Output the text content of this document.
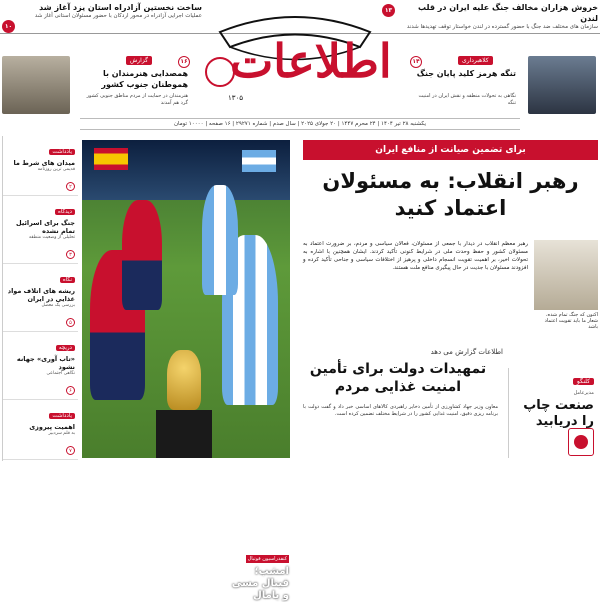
خروش هزاران مخالف جنگ علیه ایران در قلب لندن

سازمان های مختلف ضد جنگ با حضور گسترده در لندن خواستار توقف تهدیدها شدند

۱۳
ساخت نخستین آزادراه استان یزد آغاز شد

عملیات اجرایی آزادراه در محور اردکان با حضور مسئولان استانی آغاز شد

۱۰
اطلاعات
۱۳۰۵
کلاهبرداری
۱۴
تنگه هرمز کلید پایان جنگ
نگاهی به تحولات منطقه و نقش ایران در امنیت تنگه
گزارش	۱۶
همصدایی هنرمندان با هموطنان جنوب کشور
هنرمندان در حمایت از مردم مناطق جنوبی کشور گرد هم آمدند
یکشنبه ۲۸ تیر ۱۴۰۴ | ۲۴ محرم ۱۴۴۷ | ۲۰ جولای ۲۰۲۵ | سال صدم | شماره ۲۹۲۷۱ | ۱۶ صفحه | ۱۰۰۰۰ تومان
یادداشت
میدان های شرط ما
قدیمی ترین روزنامه
۲
دیدگاه
جنگ برای اسرائیل تمام نشده
تحلیلی از وضعیت منطقه
۳
نگاه
ریشه های اتلاف مواد غذایی در ایران
بررسی یک معضل
۵
دریچه
«تاب آوری» جهانه نشود
نگاهی اجتماعی
۶
یادداشت
اهمیت پیروزی
به قلم سردبیر
۷
کنفدراسیون فوتبال
امشب؛ فینال مسی و یامال
برای تضمین صیانت از منافع ایران
رهبر انقلاب: به مسئولان اعتماد کنید
رهبر معظم انقلاب در دیدار با جمعی از مسئولان، فعالان سیاسی و مردم، بر ضرورت اعتماد به مسئولان کشور و حفظ وحدت ملی در شرایط کنونی تأکید کردند. ایشان همچنین با اشاره به تحولات اخیر، بر اهمیت تقویت انسجام داخلی و پرهیز از اختلافات سیاسی و جناحی تأکید کرده و افزودند مسئولان با جدیت در حال پیگیری منافع ملت هستند.
اکنون که جنگ تمام شده، شعار ما باید تقویت اعتماد باشد
اطلاعات گزارش می دهد
تمهیدات دولت برای تأمین امنیت غذایی مردم
معاون وزیر جهاد کشاورزی از تأمین ذخایر راهبردی کالاهای اساسی خبر داد و گفت دولت با برنامه ریزی دقیق، امنیت غذایی کشور را در شرایط مختلف تضمین کرده است.
کلنگو
مدیرعامل
صنعت چاپ را دریابید
